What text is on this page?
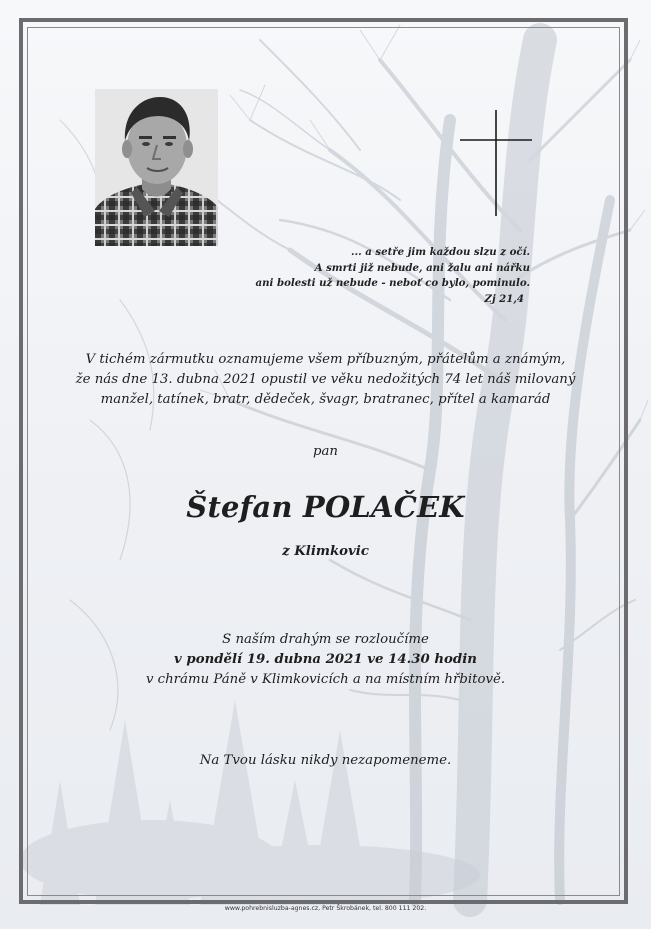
... a setře jim každou slzu z očí.
A smrti již nebude, ani žalu ani nářku
ani bolesti už nebude - neboť co bylo, pominulo.
Zj 21,4
V tichém zármutku oznamujeme všem příbuzným, přátelům a známým,
že nás dne 13. dubna 2021 opustil ve věku nedožitých 74 let náš milovaný
manžel, tatínek, bratr, dědeček, švagr, bratranec, přítel a kamarád
pan
Štefan POLAČEK
z Klimkovic
S naším drahým se rozloučíme
v pondělí 19. dubna 2021 ve 14.30 hodin
v chrámu Páně v Klimkovicích a na místním hřbitově.
Na Tvou lásku nikdy nezapomeneme.
www.pohrebnisluzba-agnes.cz, Petr Škrobánek, tel. 800 111 202.
